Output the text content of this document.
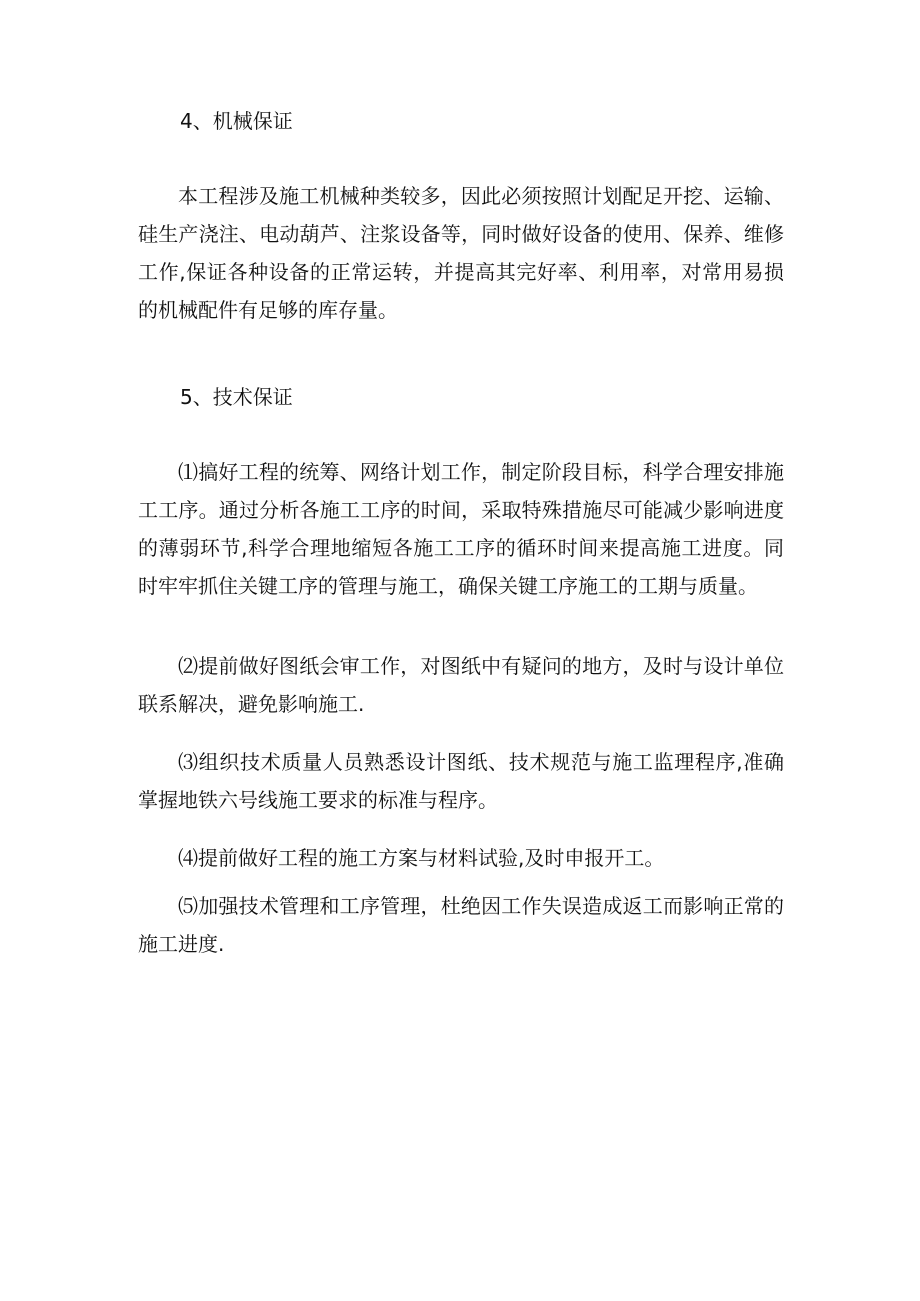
4、机械保证

本工程涉及施工机械种类较多，因此必须按照计划配足开挖、运输、硅生产浇注、电动葫芦、注浆设备等，同时做好设备的使用、保养、维修工作,保证各种设备的正常运转，并提高其完好率、利用率，对常用易损的机械配件有足够的库存量。

5、技术保证

⑴搞好工程的统筹、网络计划工作，制定阶段目标，科学合理安排施工工序。通过分析各施工工序的时间，采取特殊措施尽可能减少影响进度的薄弱环节,科学合理地缩短各施工工序的循环时间来提高施工进度。同时牢牢抓住关键工序的管理与施工，确保关键工序施工的工期与质量。

⑵提前做好图纸会审工作，对图纸中有疑问的地方，及时与设计单位联系解决，避免影响施工.

⑶组织技术质量人员熟悉设计图纸、技术规范与施工监理程序,准确掌握地铁六号线施工要求的标准与程序。

⑷提前做好工程的施工方案与材料试验,及时申报开工。

⑸加强技术管理和工序管理，杜绝因工作失误造成返工而影响正常的施工进度.
